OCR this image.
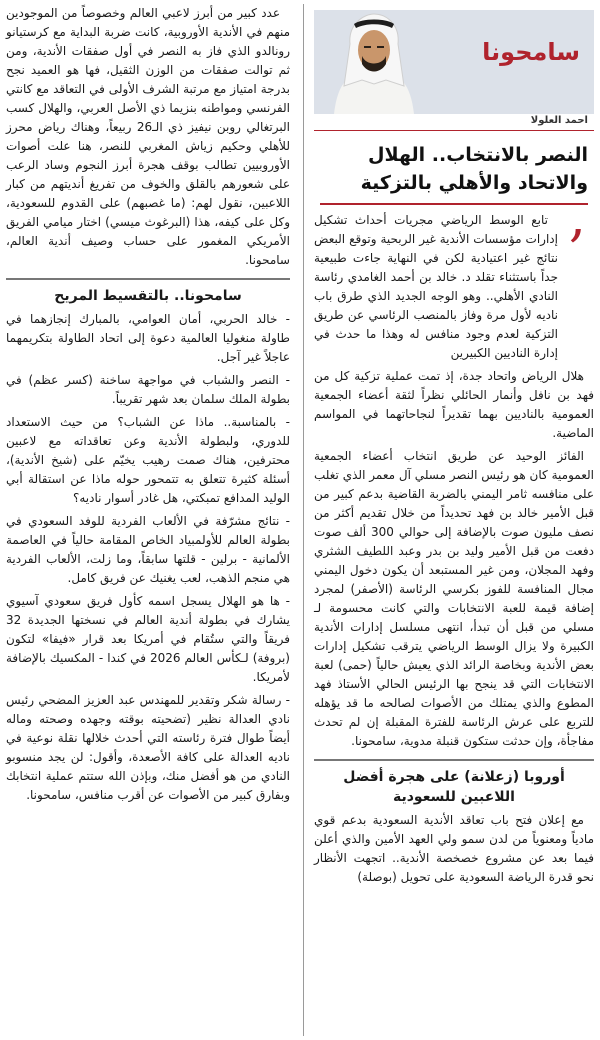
سامحونا
احمد العلولا
النصر بالانتخاب.. الهلال والاتحاد والأهلي بالتزكية
,

تابع الوسط الرياضي مجريات أحداث تشكيل إدارات مؤسسات الأندية غير الربحية وتوقع البعض نتائج غير اعتيادية لكن في النهاية جاءت طبيعية جداً باستثناء تقلد د. خالد بن أحمد الغامدي رئاسة النادي الأهلي.. وهو الوجه الجديد الذي طرق باب ناديه لأول مرة وفاز بالمنصب الرئاسي عن طريق التزكية لعدم وجود منافس له وهذا ما حدث في إدارة الناديين الكبيرين

هلال الرياض واتحاد جدة، إذ تمت عملية تزكية كل من فهد بن نافل وأنمار الحائلي نظراً لثقة أعضاء الجمعية العمومية بالناديين بهما تقديراً لنجاحاتهما في المواسم الماضية.

الفائز الوحيد عن طريق انتخاب أعضاء الجمعية العمومية كان هو رئيس النصر مسلي آل معمر الذي تغلب على منافسه ثامر اليمني بالضربة القاضية بدعم كبير من قبل الأمير خالد بن فهد تحديداً من خلال تقديم أكثر من نصف مليون صوت بالإضافة إلى حوالي 300 ألف صوت دفعت من قبل الأمير وليد بن بدر وعبد اللطيف الشثري وفهد المجلان، ومن غير المستبعد أن يكون دخول اليمني مجال المنافسة للفوز بكرسي الرئاسة (الأصفر) لمجرد إضافة قيمة للعبة الانتخابات والتي كانت محسومة لـ مسلي من قبل أن تبدأ، انتهى مسلسل إدارات الأندية الكبيرة ولا يزال الوسط الرياضي يترقب تشكيل إدارات بعض الأندية وبخاصة الرائد الذي يعيش حالياً (حمى) لعبة الانتخابات التي قد ينجح بها الرئيس الحالي الأستاذ فهد المطوع والذي يمتلك من الأصوات لصالحه ما قد يؤهله للتربع على عرش الرئاسة للفترة المقبلة إن لم تحدث مفاجأة، وإن حدثت ستكون قنبلة مدوية، سامحونا.

أوروبا (زعلانة) على هجرة أفضل اللاعبين للسعودية

مع إعلان فتح باب تعاقد الأندية السعودية بدعم قوي مادياً ومعنوياً من لدن سمو ولي العهد الأمين والذي أعلن فيما بعد عن مشروع خصخصة الأندية.. اتجهت الأنظار نحو قدرة الرياضة السعودية على تحويل (بوصلة)

عدد كبير من أبرز لاعبي العالم وخصوصاً من الموجودين منهم في الأندية الأوروبية، كانت ضربة البداية مع كرستيانو رونالدو الذي فاز به النصر في أول صفقات الأندية، ومن ثم توالت صفقات من الوزن الثقيل، فها هو العميد نجح بدرجة امتياز مع مرتبة الشرف الأولى في التعاقد مع كانتي الفرنسي ومواطنه بنزيما ذي الأصل العربي، والهلال كسب البرتغالي روبن نيفيز ذي الـ26 ربيعاً، وهناك رياض محرز للأهلي وحكيم زياش المغربي للنصر، هنا علت أصوات الأوروبيين تطالب بوقف هجرة أبرز النجوم وساد الرعب على شعورهم بالقلق والخوف من تفريغ أنديتهم من كبار اللاعبين، نقول لهم: (ما غصبهم) على القدوم للسعودية، وكل على كيفه، هذا (البرغوث ميسي) اختار ميامي الفريق الأمريكي المغمور على حساب وصيف أندية العالم، سامحونا.

سامحونا.. بالتقسيط المريح

- خالد الحربي، أمان العوامي، بالمبارك إنجازهما في طاولة منغوليا العالمية دعوة إلى اتحاد الطاولة بتكريمهما عاجلاً غير آجل.

- النصر والشباب في مواجهة ساخنة (كسر عظم) في بطولة الملك سلمان بعد شهر تقريباً.

- بالمناسبة.. ماذا عن الشباب؟ من حيث الاستعداد للدوري، ولبطولة الأندية وعن تعاقداته مع لاعبين محترفين، هناك صمت رهيب يخيّم على (شيخ الأندية)، أسئلة كثيرة تتعلق به تتمحور حوله ماذا عن استقالة أبي الوليد المدافع تمبكتي، هل غادر أسوار ناديه؟

- نتائج مشرّفة في الألعاب الفردية للوفد السعودي في بطولة العالم للأولمبياد الخاص المقامة حالياً في العاصمة الألمانية - برلين - قلتها سابقاً، وما زلت، الألعاب الفردية هي منجم الذهب، لعب يغنيك عن فريق كامل.

- ها هو الهلال يسجل اسمه كأول فريق سعودي آسيوي يشارك في بطولة أندية العالم في نسختها الجديدة 32 فريقاً والتي ستُقام في أمريكا بعد قرار «فيفا» لتكون (بروفة) لـكأس العالم 2026 في كندا - المكسيك بالإضافة لأمريكا.

- رسالة شكر وتقدير للمهندس عبد العزيز المضحي رئيس نادي العدالة نظير (تضحيته بوقته وجهده وصحته وماله أيضاً طوال فترة رئاسته التي أحدث خلالها نقلة نوعية في ناديه العدالة على كافة الأصعدة، وأقول: لن يجد منسوبو النادي من هو أفضل منك، وبإذن الله ستتم عملية انتخابك وبفارق كبير من الأصوات عن أقرب منافس، سامحونا.
